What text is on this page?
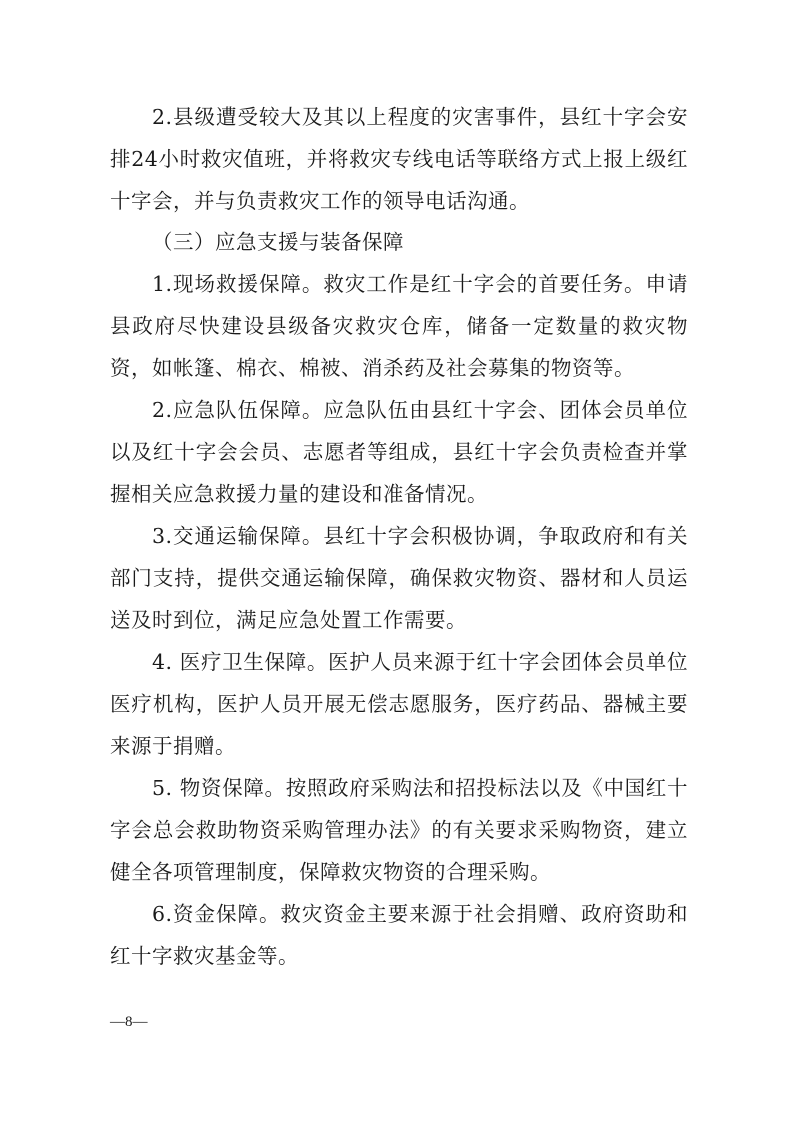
2.县级遭受较大及其以上程度的灾害事件，县红十字会安排24小时救灾值班，并将救灾专线电话等联络方式上报上级红十字会，并与负责救灾工作的领导电话沟通。

（三）应急支援与装备保障

1.现场救援保障。救灾工作是红十字会的首要任务。申请县政府尽快建设县级备灾救灾仓库，储备一定数量的救灾物资，如帐篷、棉衣、棉被、消杀药及社会募集的物资等。

2.应急队伍保障。应急队伍由县红十字会、团体会员单位以及红十字会会员、志愿者等组成，县红十字会负责检查并掌握相关应急救援力量的建设和准备情况。

3.交通运输保障。县红十字会积极协调，争取政府和有关部门支持，提供交通运输保障，确保救灾物资、器材和人员运送及时到位，满足应急处置工作需要。

4. 医疗卫生保障。医护人员来源于红十字会团体会员单位医疗机构，医护人员开展无偿志愿服务，医疗药品、器械主要来源于捐赠。

5. 物资保障。按照政府采购法和招投标法以及《中国红十字会总会救助物资采购管理办法》的有关要求采购物资，建立健全各项管理制度，保障救灾物资的合理采购。

6.资金保障。救灾资金主要来源于社会捐赠、政府资助和红十字救灾基金等。

—8—
